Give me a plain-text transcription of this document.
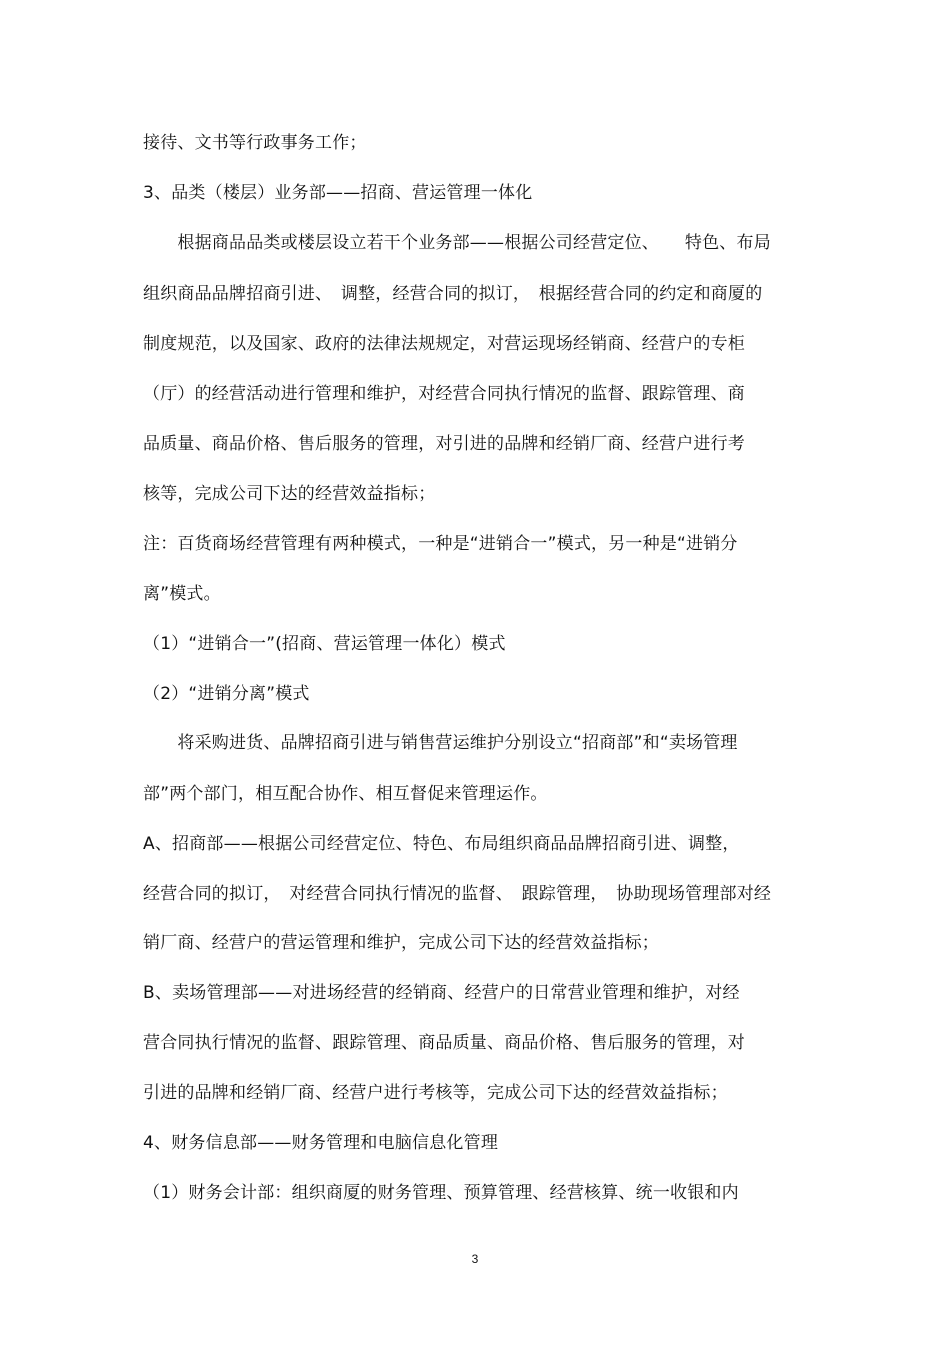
接待、文书等行政事务工作；
3、品类（楼层）业务部——招商、营运管理一体化
　　根据商品品类或楼层设立若干个业务部——根据公司经营定位、　　特色、布局
组织商品品牌招商引进、　调整，经营合同的拟订，　根据经营合同的约定和商厦的
制度规范，以及国家、政府的法律法规规定，对营运现场经销商、经营户的专柜
（厅）的经营活动进行管理和维护，对经营合同执行情况的监督、跟踪管理、商
品质量、商品价格、售后服务的管理，对引进的品牌和经销厂商、经营户进行考
核等，完成公司下达的经营效益指标；
注：百货商场经营管理有两种模式，一种是“进销合一”模式，另一种是“进销分
离”模式。
（1）“进销合一”(招商、营运管理一体化）模式
（2）“进销分离”模式
　　将采购进货、品牌招商引进与销售营运维护分别设立“招商部”和“卖场管理
部”两个部门，相互配合协作、相互督促来管理运作。
A、招商部——根据公司经营定位、特色、布局组织商品品牌招商引进、调整，
经营合同的拟订，　对经营合同执行情况的监督、　跟踪管理，　协助现场管理部对经
销厂商、经营户的营运管理和维护，完成公司下达的经营效益指标；
B、卖场管理部——对进场经营的经销商、经营户的日常营业管理和维护，对经
营合同执行情况的监督、跟踪管理、商品质量、商品价格、售后服务的管理，对
引进的品牌和经销厂商、经营户进行考核等，完成公司下达的经营效益指标；
4、财务信息部——财务管理和电脑信息化管理
（1）财务会计部：组织商厦的财务管理、预算管理、经营核算、统一收银和内
3
